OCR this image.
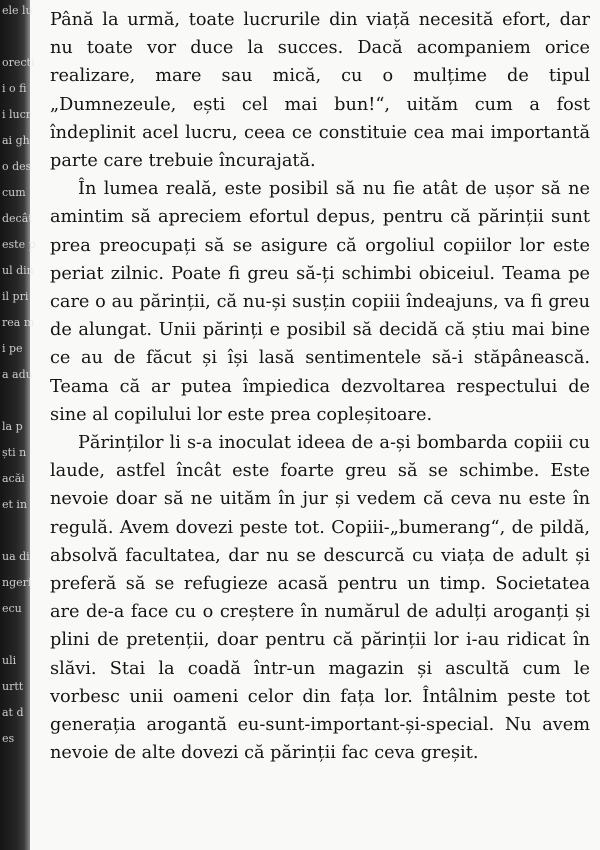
ele lu
orecti
i o fi
i lucr
ai gh
o des
cum
decât
este p
ul din
il pri
rea m
i pe
a adu
la p
ști n
acăi
et in
ua di
ngeri
ecu
uli
urtt
at d
es

Până la urmă, toate lucrurile din viață necesită efort, dar nu toate vor duce la succes. Dacă acompaniem orice realizare, mare sau mică, cu o mulțime de tipul „Dumnezeule, ești cel mai bun!“, uităm cum a fost îndeplinit acel lucru, ceea ce constituie cea mai importantă parte care trebuie încurajată.

În lumea reală, este posibil să nu fie atât de ușor să ne amintim să apreciem efortul depus, pentru că părinții sunt prea preocupați să se asigure că orgoliul copiilor lor este periat zilnic. Poate fi greu să-ți schimbi obiceiul. Teama pe care o au părinții, că nu-și susțin copiii îndeajuns, va fi greu de alungat. Unii părinți e posibil să decidă că știu mai bine ce au de făcut și își lasă sentimentele să-i stăpânească. Teama că ar putea împiedica dezvoltarea respectului de sine al copilului lor este prea copleșitoare.

Părinților li s-a inoculat ideea de a-și bombarda copiii cu laude, astfel încât este foarte greu să se schimbe. Este nevoie doar să ne uităm în jur și vedem că ceva nu este în regulă. Avem dovezi peste tot. Copiii-„bumerang“, de pildă, absolvă facultatea, dar nu se descurcă cu viața de adult și preferă să se refugieze acasă pentru un timp. Societatea are de-a face cu o creștere în numărul de adulți aroganți și plini de pretenții, doar pentru că părinții lor i-au ridicat în slăvi. Stai la coadă într-un magazin și ascultă cum le vorbesc unii oameni celor din fața lor. Întâlnim peste tot generația arogantă eu-sunt-important-și-special. Nu avem nevoie de alte dovezi că părinții fac ceva greșit.
